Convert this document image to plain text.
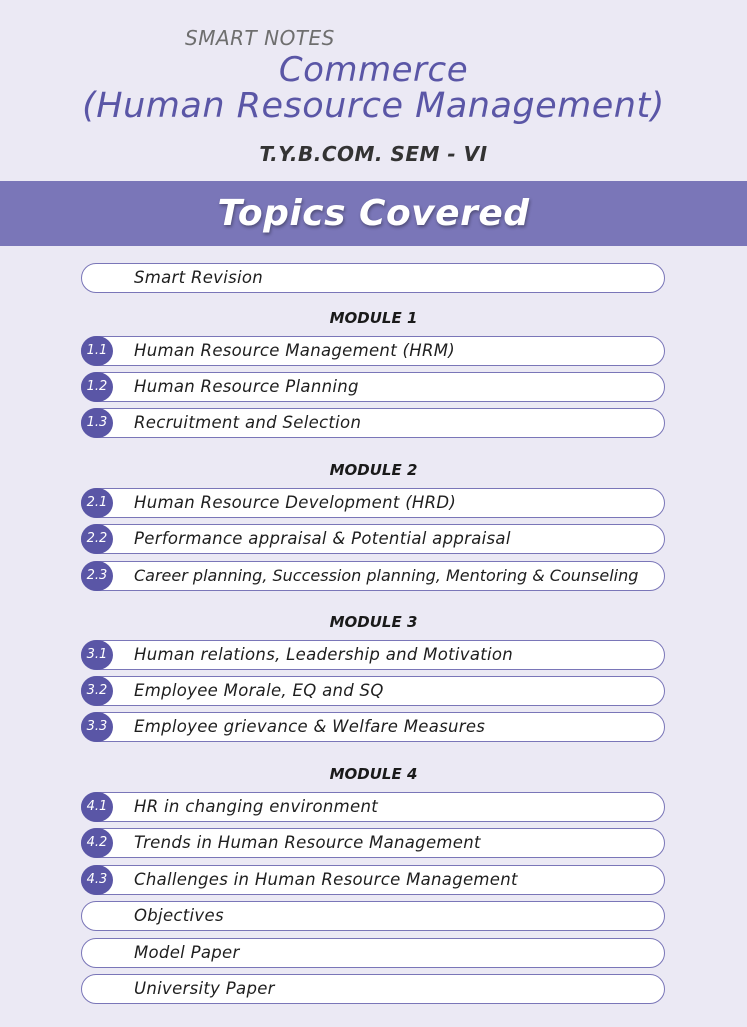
SMART NOTES
Commerce
(Human Resource Management)
T.Y.B.COM. SEM - VI
Topics Covered
Smart Revision
MODULE 1
1.1	Human Resource Management (HRM)
1.2	Human Resource Planning
1.3	Recruitment and Selection
MODULE 2
2.1	Human Resource Development (HRD)
2.2	Performance appraisal & Potential appraisal
2.3	Career planning, Succession planning, Mentoring & Counseling
MODULE 3
3.1	Human relations, Leadership and Motivation
3.2	Employee Morale, EQ and SQ
3.3	Employee grievance & Welfare Measures
MODULE 4
4.1	HR in changing environment
4.2	Trends in Human Resource Management
4.3	Challenges in Human Resource Management
Objectives
Model Paper
University Paper
